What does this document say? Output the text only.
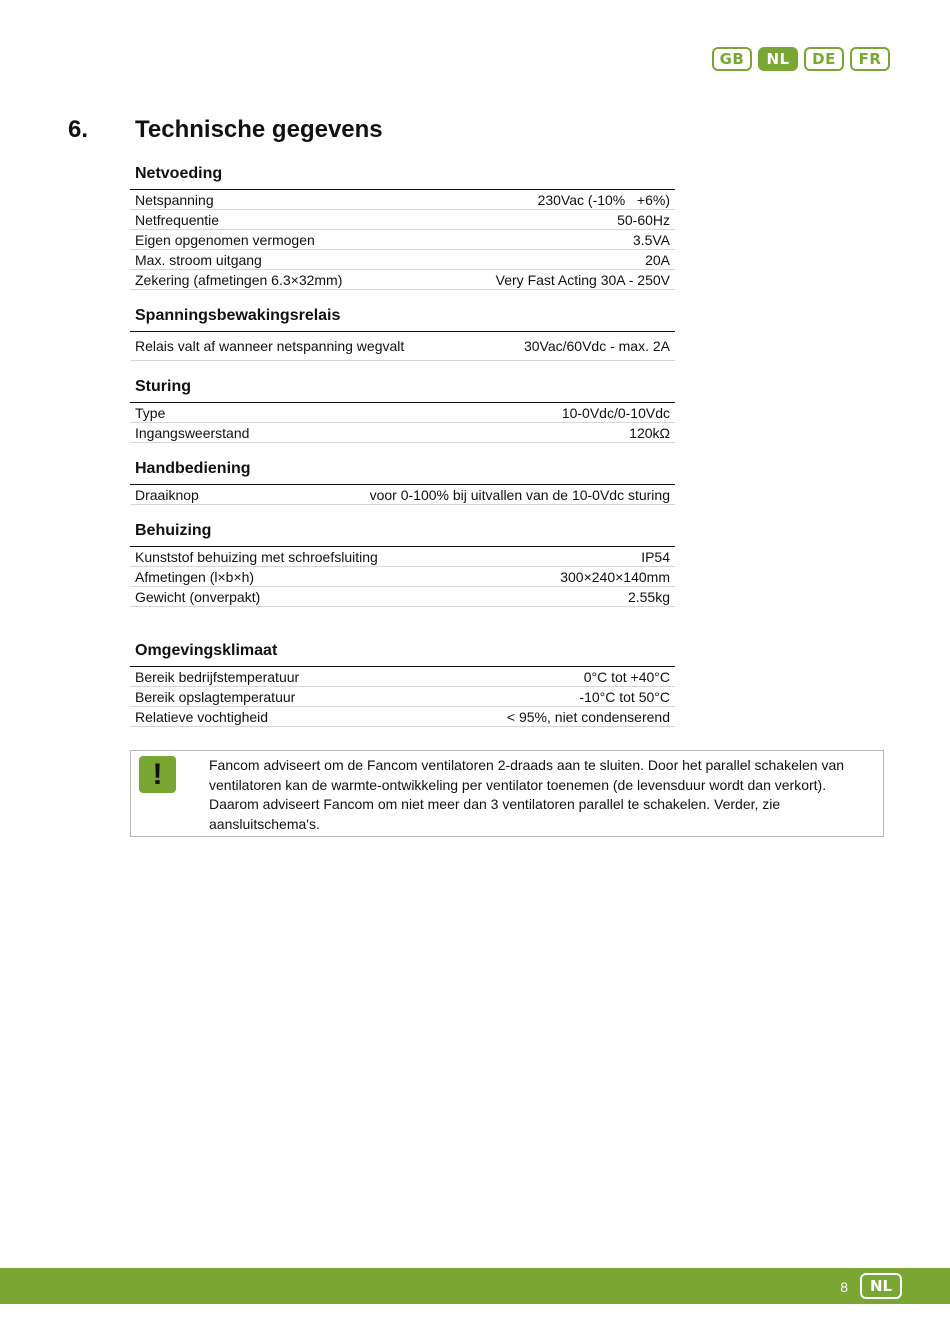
GB	NL	DE	FR
6. Technische gegevens
Netvoeding
Netspanning	230Vac (-10%   +6%)
Netfrequentie	50-60Hz
Eigen opgenomen vermogen	3.5VA
Max. stroom uitgang	20A
Zekering (afmetingen 6.3×32mm)	Very Fast Acting 30A - 250V
Spanningsbewakingsrelais
Relais valt af wanneer netspanning wegvalt	30Vac/60Vdc - max. 2A
Sturing
Type	10-0Vdc/0-10Vdc
Ingangsweerstand	120kΩ
Handbediening
Draaiknop	voor 0-100% bij uitvallen van de 10-0Vdc sturing
Behuizing
Kunststof behuizing met schroefsluiting	IP54
Afmetingen (l×b×h)	300×240×140mm
Gewicht (onverpakt)	2.55kg
Omgevingsklimaat
Bereik bedrijfstemperatuur	0°C tot +40°C
Bereik opslagtemperatuur	-10°C tot 50°C
Relatieve vochtigheid	< 95%, niet condenserend
!	Fancom adviseert om de Fancom ventilatoren 2-draads aan te sluiten. Door het parallel schakelen van ventilatoren kan de warmte-ontwikkeling per ventilator toenemen (de levensduur wordt dan verkort). Daarom adviseert Fancom om niet meer dan 3 ventilatoren parallel te schakelen. Verder, zie aansluitschema's.
8	NL
